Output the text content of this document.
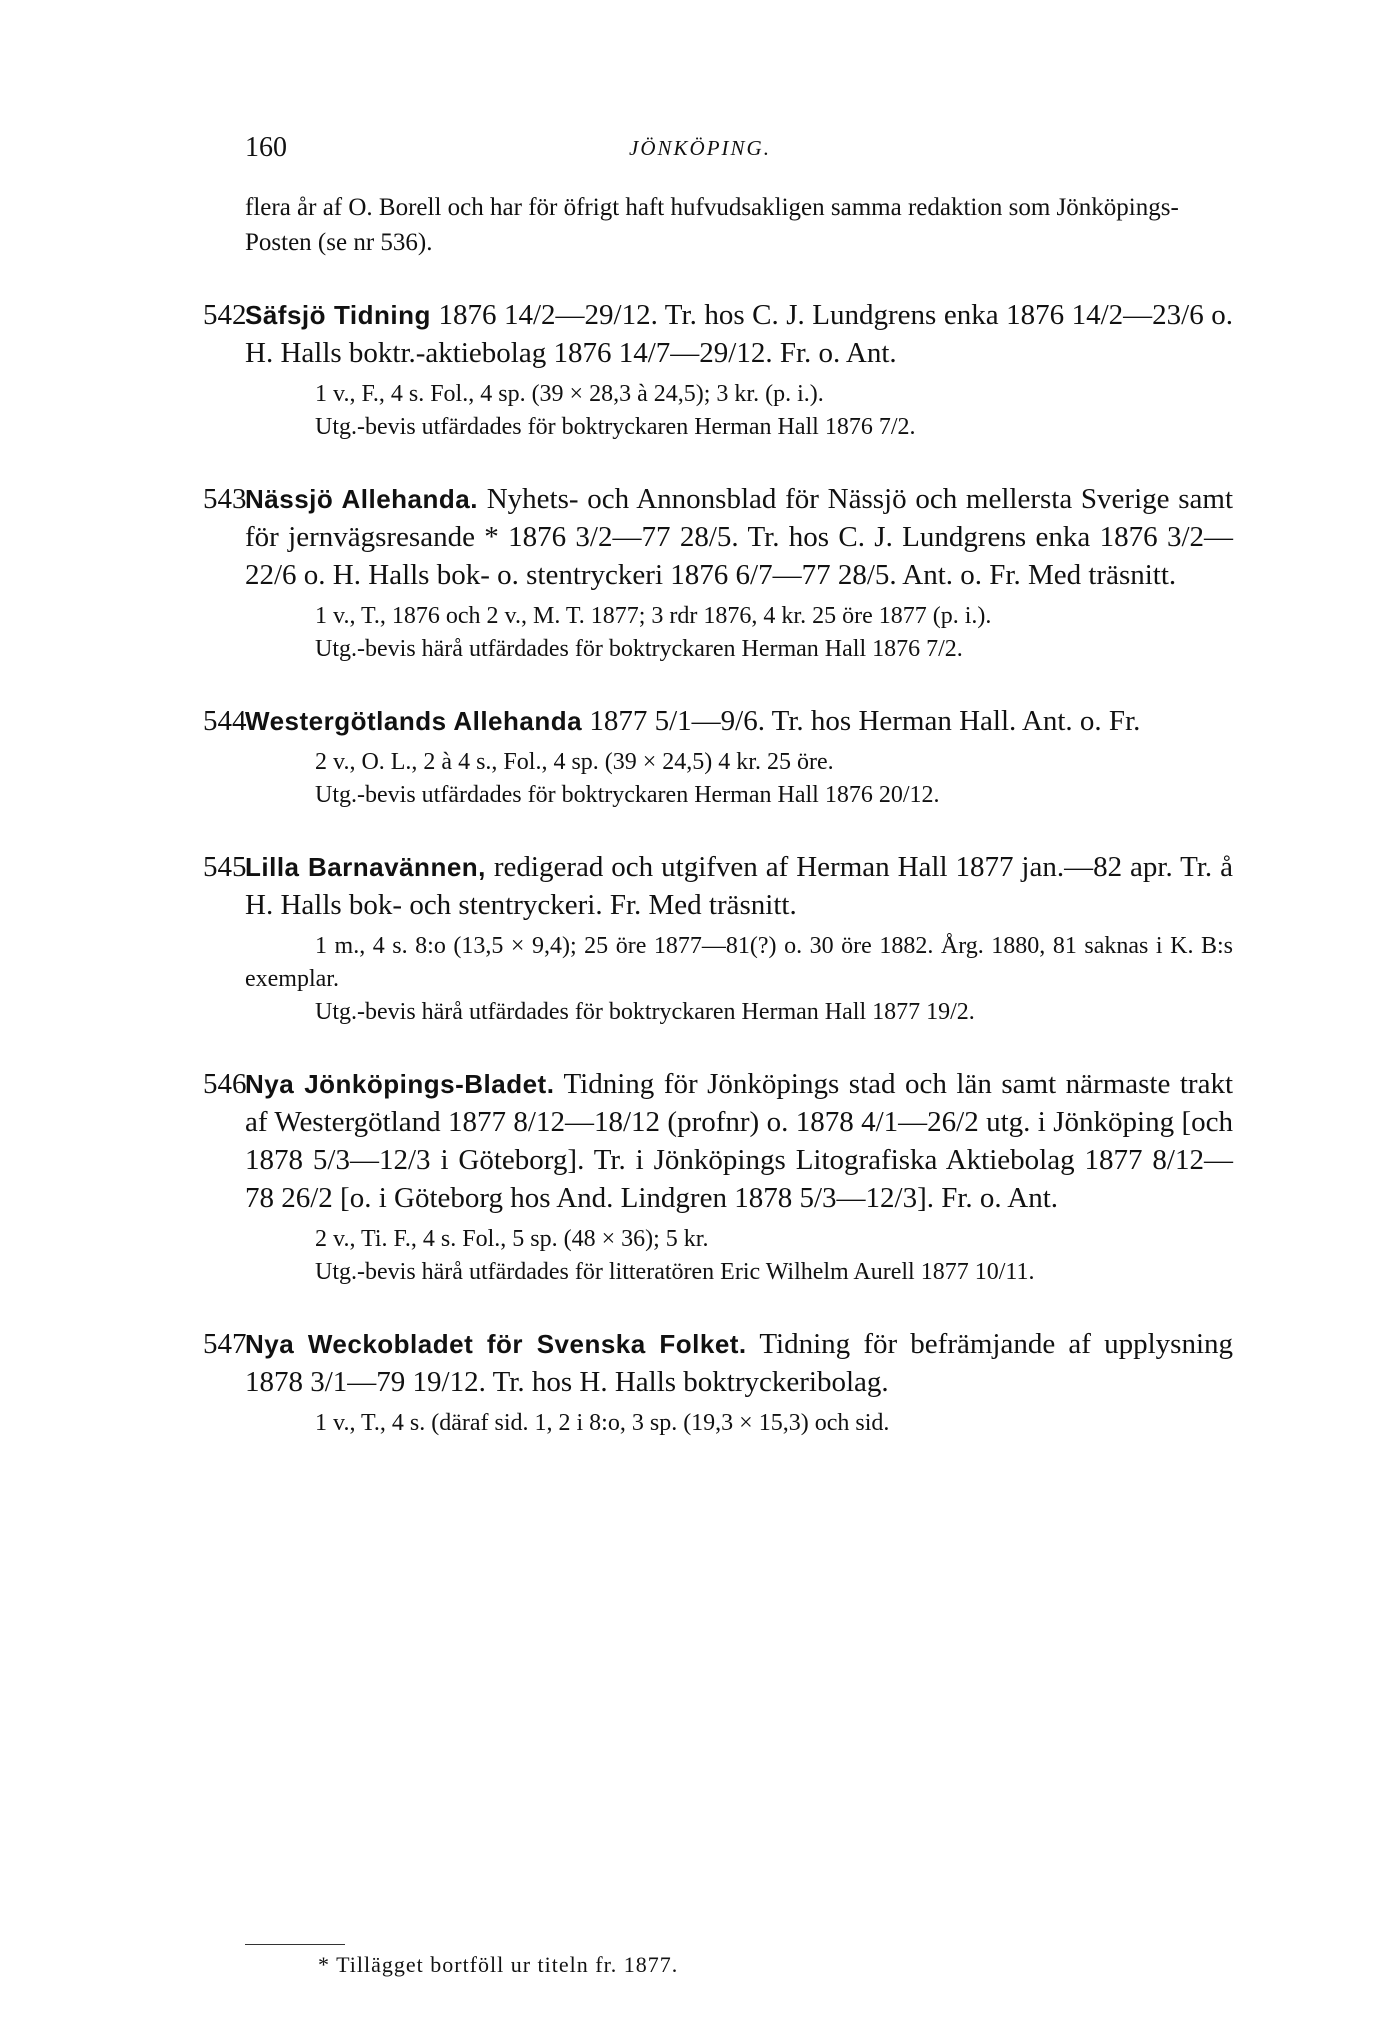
160	JÖNKÖPING.

flera år af O. Borell och har för öfrigt haft hufvudsakligen samma redaktion som Jönköpings-Posten (se nr 536).

542

Säfsjö Tidning 1876 14/2—29/12. Tr. hos C. J. Lundgrens enka 1876 14/2—23/6 o. H. Halls boktr.-aktiebolag 1876 14/7—29/12. Fr. o. Ant.

1 v., F., 4 s. Fol., 4 sp. (39 × 28,3 à 24,5); 3 kr. (p. i.).

Utg.-bevis utfärdades för boktryckaren Herman Hall 1876 7/2.

543

Nässjö Allehanda. Nyhets- och Annonsblad för Nässjö och mellersta Sverige samt för jernvägsresande * 1876 3/2—77 28/5. Tr. hos C. J. Lundgrens enka 1876 3/2—22/6 o. H. Halls bok- o. stentryckeri 1876 6/7—77 28/5. Ant. o. Fr. Med träsnitt.

1 v., T., 1876 och 2 v., M. T. 1877; 3 rdr 1876, 4 kr. 25 öre 1877 (p. i.).

Utg.-bevis härå utfärdades för boktryckaren Herman Hall 1876 7/2.

544

Westergötlands Allehanda 1877 5/1—9/6. Tr. hos Herman Hall. Ant. o. Fr.

2 v., O. L., 2 à 4 s., Fol., 4 sp. (39 × 24,5) 4 kr. 25 öre.

Utg.-bevis utfärdades för boktryckaren Herman Hall 1876 20/12.

545

Lilla Barnavännen, redigerad och utgifven af Herman Hall 1877 jan.—82 apr. Tr. å H. Halls bok- och stentryckeri. Fr. Med träsnitt.

1 m., 4 s. 8:o (13,5 × 9,4); 25 öre 1877—81(?) o. 30 öre 1882. Årg. 1880, 81 saknas i K. B:s exemplar.

Utg.-bevis härå utfärdades för boktryckaren Herman Hall 1877 19/2.

546

Nya Jönköpings-Bladet. Tidning för Jönköpings stad och län samt närmaste trakt af Westergötland 1877 8/12—18/12 (profnr) o. 1878 4/1—26/2 utg. i Jönköping [och 1878 5/3—12/3 i Göteborg]. Tr. i Jönköpings Litografiska Aktiebolag 1877 8/12—78 26/2 [o. i Göteborg hos And. Lindgren 1878 5/3—12/3]. Fr. o. Ant.

2 v., Ti. F., 4 s. Fol., 5 sp. (48 × 36); 5 kr.

Utg.-bevis härå utfärdades för litteratören Eric Wilhelm Aurell 1877 10/11.

547

Nya Weckobladet för Svenska Folket. Tidning för befrämjande af upplysning 1878 3/1—79 19/12. Tr. hos H. Halls boktryckeribolag.

1 v., T., 4 s. (däraf sid. 1, 2 i 8:o, 3 sp. (19,3 × 15,3) och sid.

* Tillägget bortföll ur titeln fr. 1877.
